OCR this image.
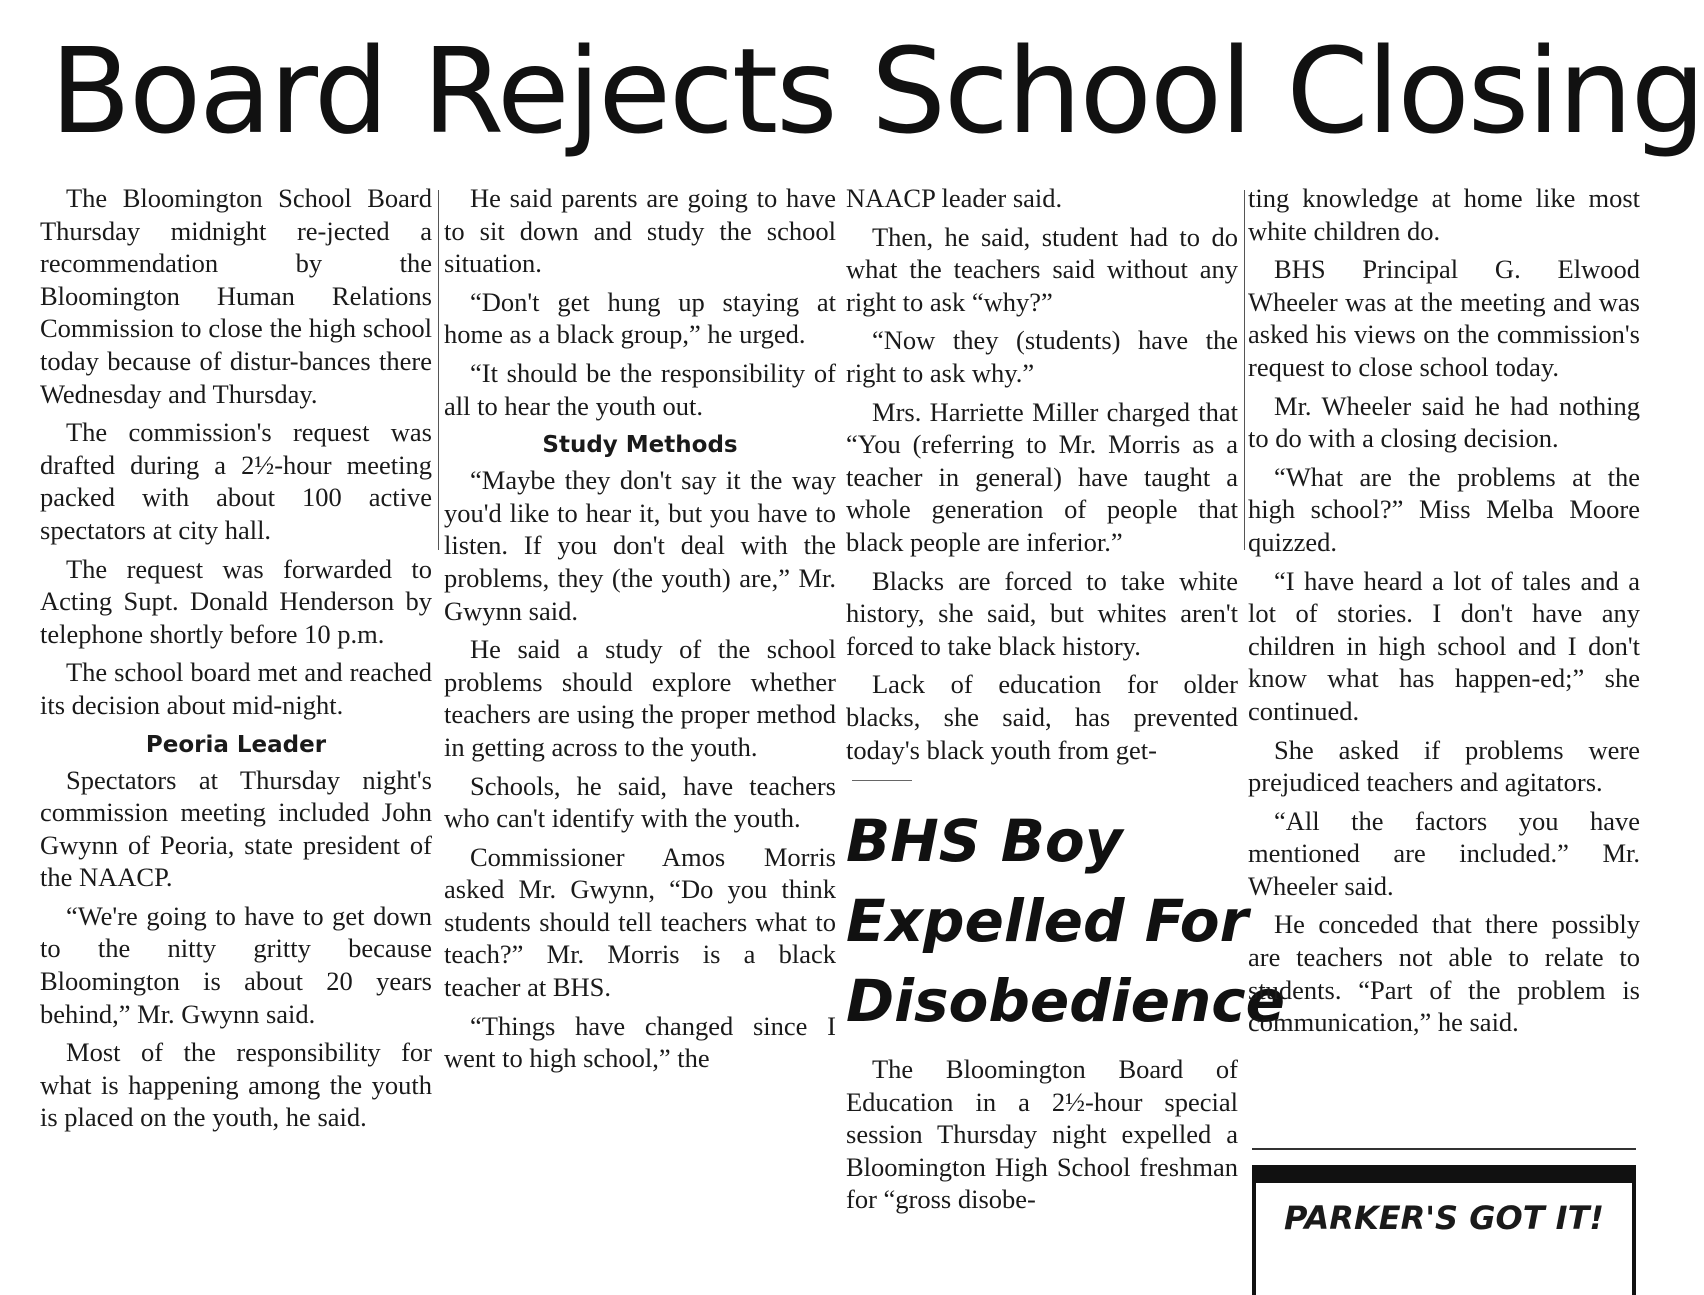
Board Rejects School Closing

The Bloomington School Board Thursday midnight re-jected a recommendation by the Bloomington Human Relations Commission to close the high school today because of distur-bances there Wednesday and Thursday.

The commission's request was drafted during a 2½-hour meeting packed with about 100 active spectators at city hall.

The request was forwarded to Acting Supt. Donald Henderson by telephone shortly before 10 p.m.

The school board met and reached its decision about mid-night.

Peoria Leader

Spectators at Thursday night's commission meeting included John Gwynn of Peoria, state president of the NAACP.

“We're going to have to get down to the nitty gritty because Bloomington is about 20 years behind,” Mr. Gwynn said.

Most of the responsibility for what is happening among the youth is placed on the youth, he said.

He said parents are going to have to sit down and study the school situation.

“Don't get hung up staying at home as a black group,” he urged.

“It should be the responsibility of all to hear the youth out.

Study Methods

“Maybe they don't say it the way you'd like to hear it, but you have to listen. If you don't deal with the problems, they (the youth) are,” Mr. Gwynn said.

He said a study of the school problems should explore whether teachers are using the proper method in getting across to the youth.

Schools, he said, have teachers who can't identify with the youth.

Commissioner Amos Morris asked Mr. Gwynn, “Do you think students should tell teachers what to teach?” Mr. Morris is a black teacher at BHS.

“Things have changed since I went to high school,” the

NAACP leader said.

Then, he said, student had to do what the teachers said without any right to ask “why?”

“Now they (students) have the right to ask why.”

Mrs. Harriette Miller charged that “You (referring to Mr. Morris as a teacher in general) have taught a whole generation of people that black people are inferior.”

Blacks are forced to take white history, she said, but whites aren't forced to take black history.

Lack of education for older blacks, she said, has prevented today's black youth from get-

BHS Boy
Expelled For
Disobedience

The Bloomington Board of Education in a 2½-hour special session Thursday night expelled a Bloomington High School freshman for “gross disobe-

ting knowledge at home like most white children do.

BHS Principal G. Elwood Wheeler was at the meeting and was asked his views on the commission's request to close school today.

Mr. Wheeler said he had nothing to do with a closing decision.

“What are the problems at the high school?” Miss Melba Moore quizzed.

“I have heard a lot of tales and a lot of stories. I don't have any children in high school and I don't know what has happen-ed;” she continued.

She asked if problems were prejudiced teachers and agitators.

“All the factors you have mentioned are included.” Mr. Wheeler said.

He conceded that there possibly are teachers not able to relate to students. “Part of the problem is communication,” he said.

PARKER'S GOT IT!
